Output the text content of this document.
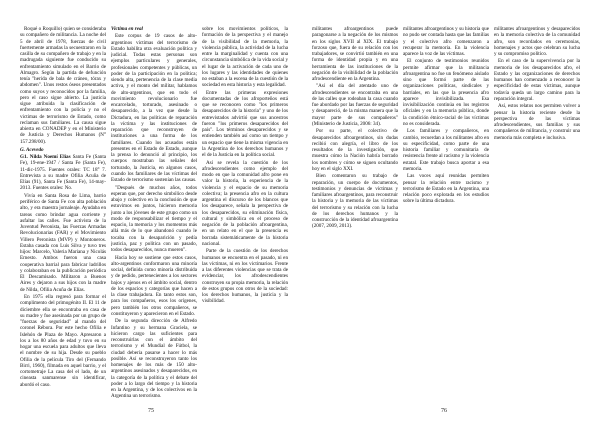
Roqué o Roquillo) quien se consideraba su compañero de militancia. La noche del 5 de abril de 1978, fuerzas de civil fuertemente armadas la secuestraron en la casilla de su compañero de trabajo y en la madrugada siguiente fue conducido su enfrentamiento simulado en el Barrio de Almagro. Según la partida de defunción tenía "herida de bala de cráneo, tórax y abdomen". Unos restos óseos presentados como suyos y reconocidos por la familia, pero el caso sigue abierto. La justicia sigue atribuida la clasificación de enfrentamiento con la policía y no el victimas de terrorismo de Estado, como reclaman sus familiares. La causa sigue abierta en CONADEP y en el Ministerio de Justicia y Derechos Humanos (N° 157.298/00).

G. Acevedo

G1. Nilda Noemí Elías Santa Fe (Santa Fe), 19-ene-1947 / Santa Fe (Santa Fe), 11-dic-1975. Fuentes orales: TC 18° 7. Entrevista a su madre Ofilia Acuña de Elías (91), Santa Fe (Santa Fe), 14-may-2013. Fuentes orales: No.

Vivía en Santa Rosa de Lima, barrio periférico de Santa Fe con alta población alto, y era maestra jornaleaje. Ayudaba en tareas como brindar agua corriente y asfaltar las calles. Fue activista de la Juventud Peronista, las Fuerzas Armadas Revolucionarias (FAR) y el Movimiento Villero Peronista (MVP) y Montoneros. Estaba casada con Luis Silva y tuvo tres hijos: Marcelo, Valeria Mariana y Nicolás Ernesto. Ambos fueron una casa cooperativa barrial para fabricar ladrillos y colaboraban en la publicación periódica El Descamisado. Militaron a Buenos Aires y dejaron a sus hijos con la madre de Nilda, Ofilia Acuña de Elías.

En 1975 ella regresó para formar el complimento del primogénito II. El 11 de diciembre ella se encontraba en casa de su madre y fue asesinada por un grupo de "fuerzas de seguridad" al mando del coronel Rébora. Por este hecho Ofilia e Islehón de Plaza de Mayo. Apresaron a los a los 80 años de edad y tuvo en su hogar una escuela para adultos que lleva el nombre de su hija. Desde su pueblo Ofilia de la película Tiro del (Fernando Birri, 1960), filmada en aquel barrio, y el cortometraje La casa del el lado, de un cineasta sanmarense sin identificar, abordó el caso.

Victima en real

Este corpus de 19 casos de alto-argentinos víctimas del terrorismo de Estado habilita otra evaluación política y judicial. Todas estas personas son ejemplos particulares y generales, profesionales competentes y públicas, un poder de la participación en la política; siendo alta, pertenencia de la clase media activa, y el monto del militar, hablamos de alto-argentinos, que en todo el movimiento revolucionario fue encarcelado, torturado, asesinado o desaparecido, a la vez que desde la Dictadura, en las políticas de reparación la víctima y las instituciones de reparación que reconstruyen de instituciones a una forma de los familiares. Cuando los acusados están presentes en el Estado de Estado, aunque la prensa lo denunció al principio, los cuerpos mostraban las señales del torturado, la Justicia, en algunos casos, cuando los familiares de las víctimas del Estado de terrorismo sostenían las causas.

"Después de muchos años, todos esperan que, por derecho simbólico desde abajo y colectivo en la conclusión de que estuvimos en juntos, hicieron memoria junto a los jóvenes de este grupo como un modo de responsabilizar el tiempo y el espacio, la memoria y los momentos más allá más de lo que abandonó cuando le tocaba con la desaparición y pedía justicia, paz y política con un pasado, todos desaparecidos, nunca mueren".

Hacia hoy se sostiene que estos casos, alto-argentinos conformaron una minoría social, definida como minoría distribuida y de pedido, pertenecientes a los sectores bajos y ajenos en el ámbito social, dentro de los espacios y categorías que hacen a la clase trabajadora. En tanto estos son, para los compañeros, esos los orígenes, pero también los otros compañeros, se constituyeron y aparecieron en el Estado.

De la segunda dirección de Alfredo Infantino y su hermana Graciela, se hicieron cargo las suficientes para reconstruirlas con el ámbito del terrorismo y el Mundial de Fútbol, la ciudad debería pasarse a hacer lo más posible. Así se reconstruyeron tanto los homenajes de los más de 150 alto-argentinos asesinados y desaparecidos, en la categoría de la política y el debate del poder a lo largo del tiempo y la historia en la Argentina, y de los colectivos en la Argentina un terrorismo.

sobre los movimientos políticos, la formación de la perspectiva y el manejo de la visibilidad de la memoria, la violencia pública, la actividad de la lucha entre la marginalidad y cuenta con una circunstancia simbólica de la vida social y el lugar de la activación de cada uno de los lugares y las identidades de quienes no estaban a la escena de la cuestión de la sociedad en esta historia y esta legalidad.

Entre las primeras expresiones documentadas de los afroporteños está que se reconocen como "los primeros desaparecidos de la historia" y uno de los entrevistados advirtió que sus ancestros fueron "los primeros desaparecidos del país". Los términos desaparecidos y se entienden también así como un tiempo y un espacio que tiene la misma vigencia en la Argentina de los derechos humanos y el de la Justicia en la política social.

Así se revela la cuestión de los afrodescendientes como ejemplo del modo en que la comunidad afro pone en valor la historia, la experiencia de la violencia y el espacio de su memoria colectiva; la presencia afro en la cultura argentina el discurso de los blancos que los desaparece, señala la perspectiva de los desaparecidos, su eliminación física, cultural y simbólica en el proceso de negación de la población afroargentina, en un relato en el que la presencia es borrada sistemáticamente de la historia nacional.

Parte de la cuestión de los derechos humanos se encuentra en el pasado, ni en las víctimas, ni en los victimarios. Frente a las diferentes violencias que se trata de evidenciar, los afrodescendientes construyen su propia memoria, la relación de estos grupos con otros de la sociedad: los derechos humanos, la justicia y la visibilidad.

75

militantes afroargentinos puede paragonarse a la negación de los mismos en los siglos XVII al XIX. El trabajo forzoso que, fuera de su relación con los trabajadores, se convirtió también en una forma de identidad propia y en una herramienta de las instituciones de la negación de la visibilidad de la población afrodescendiente en la Argentina.

"Así el día del atentado uno de afrodescendientes se encontraba en una de las calles que rodeaban la casa cuando fue abordado por las fuerzas de seguridad y desapareció, de la misma manera que la mayor parte de sus compañeros" (Ministerio de Justicia, 2006: 34).

Por su parte, el colectivo de desaparecidos afroargentinos, sin dudas recibió con alegría, el libro de los resultados de la investigación, que muestra cómo la Nación habría borrado los nombres y cómo se siguen ocultando hoy en el siglo XXI.

Bien comentaron su trabajo de reparación, un cuerpo de documentos, testimonios y denuncias de víctimas y familiares afroargentinos, para reconstruir la historia y la memoria de las víctimas del terrorismo y su relación con la lucha de los derechos humanos y la construcción de la identidad afroargentina (2007, 2009, 2013).

militantes afroargentinos y su historia que no pudo ser contada hasta que las familias y el colectivo afro comenzaron a recuperar la memoria. En la violencia aparece la voz de las víctimas.

El conjunto de testimonios reunidos permite afirmar que la militancia afroargentina no fue un fenómeno aislado sino que formó parte de las organizaciones políticas, sindicales y barriales, en las que la presencia afro aparece invisibilizada. Esa invisibilización continúa en los registros oficiales y en la memoria pública, donde la condición étnico-racial de las víctimas no es considerada.

Los familiares y compañeros, en cambio, recuerdan a los militantes afro en su especificidad, como parte de una historia familiar y comunitaria de resistencia frente al racismo y la violencia estatal. Este trabajo busca aportar a esa memoria.

Las voces aquí reunidas permiten pensar la relación entre racismo y terrorismo de Estado en la Argentina, una relación poco explorada en los estudios sobre la última dictadura.

militantes afroargentinos y desaparecidos en la memoria colectiva de la comunidad afro, son recordados en ceremonias, homenajes y actos que celebran su lucha y su compromiso político.

En el caso de la supervivencia por la memoria de los desaparecidos afro, el Estado y las organizaciones de derechos humanos han comenzado a reconocer la especificidad de estas víctimas, aunque todavía queda un largo camino para la reparación integral.

Así, estos relatos nos permiten volver a pensar la historia reciente desde la perspectiva de las víctimas afrodescendientes, sus familias y sus compañeros de militancia, y construir una memoria más completa e inclusiva.

76
